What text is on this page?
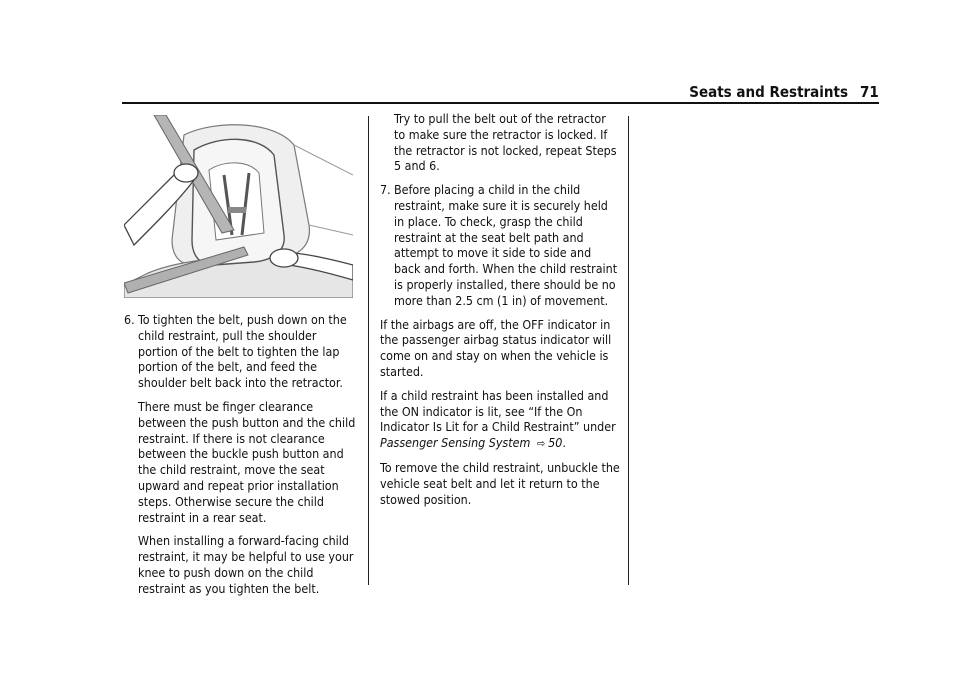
Seats and Restraints 71
6. To tighten the belt, push down on the child restraint, pull the shoulder portion of the belt to tighten the lap portion of the belt, and feed the shoulder belt back into the retractor.

There must be finger clearance between the push button and the child restraint. If there is not clearance between the buckle push button and the child restraint, move the seat upward and repeat prior installation steps. Otherwise secure the child restraint in a rear seat.

When installing a forward-facing child restraint, it may be helpful to use your knee to push down on the child restraint as you tighten the belt.

Try to pull the belt out of the retractor to make sure the retractor is locked. If the retractor is not locked, repeat Steps 5 and 6.

7. Before placing a child in the child restraint, make sure it is securely held in place. To check, grasp the child restraint at the seat belt path and attempt to move it side to side and back and forth. When the child restraint is properly installed, there should be no more than 2.5 cm (1 in) of movement.

If the airbags are off, the OFF indicator in the passenger airbag status indicator will come on and stay on when the vehicle is started.

If a child restraint has been installed and the ON indicator is lit, see “If the On Indicator Is Lit for a Child Restraint” under Passenger Sensing System ⇨ 50.

To remove the child restraint, unbuckle the vehicle seat belt and let it return to the stowed position.
